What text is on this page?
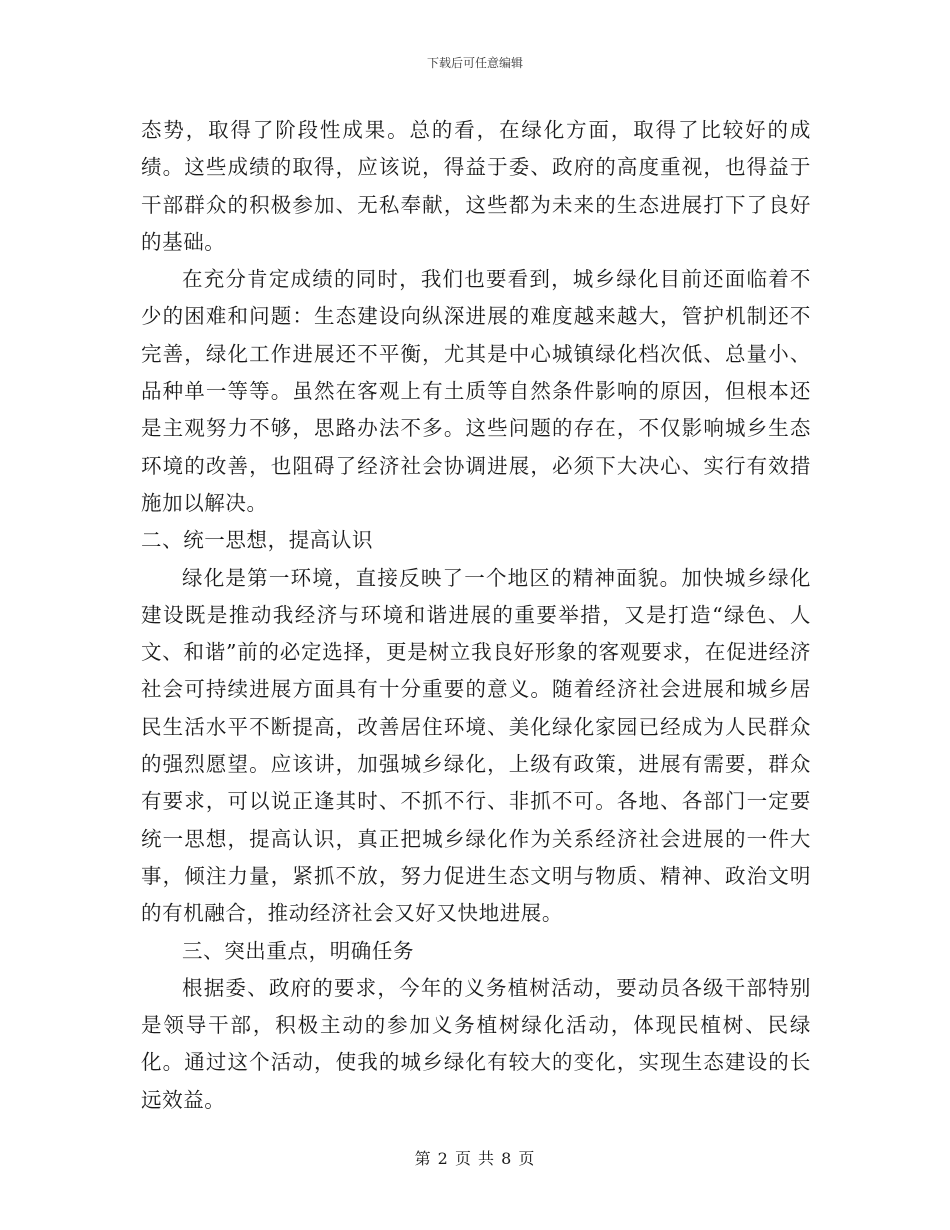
下载后可任意编辑

态势，取得了阶段性成果。总的看，在绿化方面，取得了比较好的成绩。这些成绩的取得，应该说，得益于委、政府的高度重视，也得益于干部群众的积极参加、无私奉献，这些都为未来的生态进展打下了良好的基础。

在充分肯定成绩的同时，我们也要看到，城乡绿化目前还面临着不少的困难和问题：生态建设向纵深进展的难度越来越大，管护机制还不完善，绿化工作进展还不平衡，尤其是中心城镇绿化档次低、总量小、品种单一等等。虽然在客观上有土质等自然条件影响的原因，但根本还是主观努力不够，思路办法不多。这些问题的存在，不仅影响城乡生态环境的改善，也阻碍了经济社会协调进展，必须下大决心、实行有效措施加以解决。

二、统一思想，提高认识

绿化是第一环境，直接反映了一个地区的精神面貌。加快城乡绿化建设既是推动我经济与环境和谐进展的重要举措，又是打造“绿色、人文、和谐”前的必定选择，更是树立我良好形象的客观要求，在促进经济社会可持续进展方面具有十分重要的意义。随着经济社会进展和城乡居民生活水平不断提高，改善居住环境、美化绿化家园已经成为人民群众的强烈愿望。应该讲，加强城乡绿化，上级有政策，进展有需要，群众有要求，可以说正逢其时、不抓不行、非抓不可。各地、各部门一定要统一思想，提高认识，真正把城乡绿化作为关系经济社会进展的一件大事，倾注力量，紧抓不放，努力促进生态文明与物质、精神、政治文明的有机融合，推动经济社会又好又快地进展。

三、突出重点，明确任务

根据委、政府的要求，今年的义务植树活动，要动员各级干部特别是领导干部，积极主动的参加义务植树绿化活动，体现民植树、民绿化。通过这个活动，使我的城乡绿化有较大的变化，实现生态建设的长远效益。

第 2 页 共 8 页
